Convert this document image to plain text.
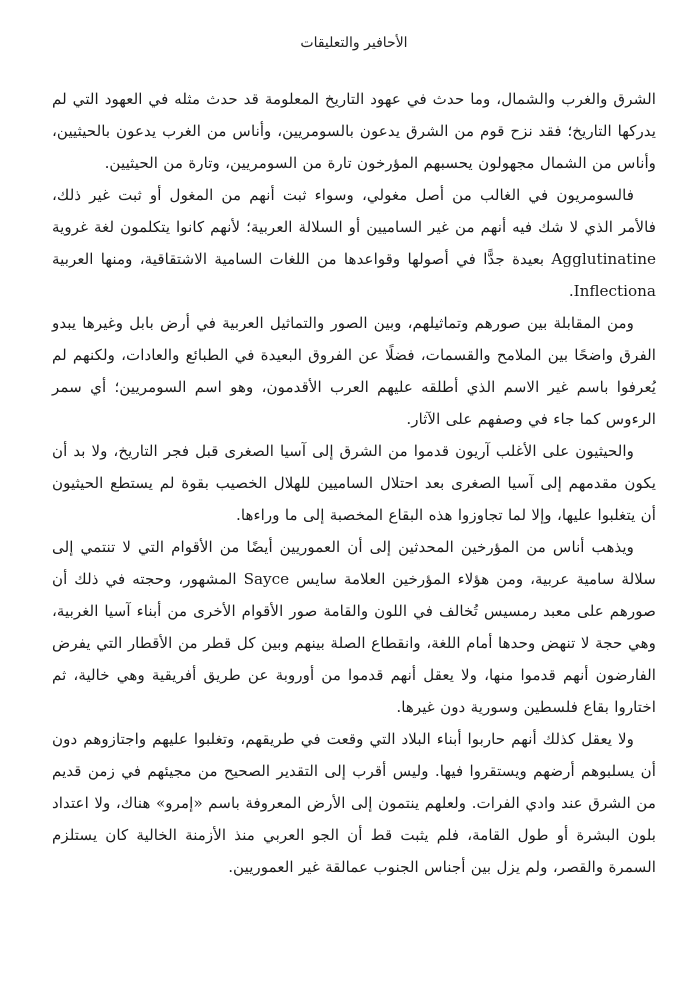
الأحافير والتعليقات

الشرق والغرب والشمال، وما حدث في عهود التاريخ المعلومة قد حدث مثله في العهود التي لم يدركها التاريخ؛ فقد نزح قوم من الشرق يدعون بالسومريين، وأناس من الغرب يدعون بالحيثيين، وأناس من الشمال مجهولون يحسبهم المؤرخون تارة من السومريين، وتارة من الحيثيين.

فالسومريون في الغالب من أصل مغولي، وسواء ثبت أنهم من المغول أو ثبت غير ذلك، فالأمر الذي لا شك فيه أنهم من غير الساميين أو السلالة العربية؛ لأنهم كانوا يتكلمون لغة غروية Agglutinatine بعيدة جدًّا في أصولها وقواعدها من اللغات السامية الاشتقاقية، ومنها العربية Inflectiona.

ومن المقابلة بين صورهم وتماثيلهم، وبين الصور والتماثيل العربية في أرض بابل وغيرها يبدو الفرق واضحًا بين الملامح والقسمات، فضلًا عن الفروق البعيدة في الطبائع والعادات، ولكنهم لم يُعرفوا باسم غير الاسم الذي أطلقه عليهم العرب الأقدمون، وهو اسم السومريين؛ أي سمر الرءوس كما جاء في وصفهم على الآثار.

والحيثيون على الأغلب آريون قدموا من الشرق إلى آسيا الصغرى قبل فجر التاريخ، ولا بد أن يكون مقدمهم إلى آسيا الصغرى بعد احتلال الساميين للهلال الخصيب بقوة لم يستطع الحيثيون أن يتغلبوا عليها، وإلا لما تجاوزوا هذه البقاع المخصبة إلى ما وراءها.

ويذهب أناس من المؤرخين المحدثين إلى أن العموريين أيضًا من الأقوام التي لا تنتمي إلى سلالة سامية عربية، ومن هؤلاء المؤرخين العلامة سايس Sayce المشهور، وحجته في ذلك أن صورهم على معبد رمسيس تُخالف في اللون والقامة صور الأقوام الأخرى من أبناء آسيا الغربية، وهي حجة لا تنهض وحدها أمام اللغة، وانقطاع الصلة بينهم وبين كل قطر من الأقطار التي يفرض الفارضون أنهم قدموا منها، ولا يعقل أنهم قدموا من أوروبة عن طريق أفريقية وهي خالية، ثم اختاروا بقاع فلسطين وسورية دون غيرها.

ولا يعقل كذلك أنهم حاربوا أبناء البلاد التي وقعت في طريقهم، وتغلبوا عليهم واجتازوهم دون أن يسلبوهم أرضهم ويستقروا فيها. وليس أقرب إلى التقدير الصحيح من مجيئهم في زمن قديم من الشرق عند وادي الفرات. ولعلهم ينتمون إلى الأرض المعروفة باسم «إمرو» هناك، ولا اعتداد بلون البشرة أو طول القامة، فلم يثبت قط أن الجو العربي منذ الأزمنة الخالية كان يستلزم السمرة والقصر، ولم يزل بين أجناس الجنوب عمالقة غير العموريين.
